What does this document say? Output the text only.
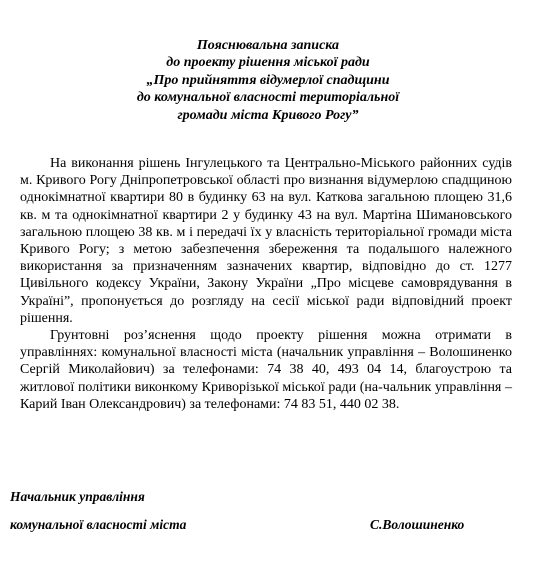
Пояснювальна записка
до проекту рішення міської ради
„Про прийняття відумерлої спадщини
до комунальної власності територіальної
громади міста Кривого Рогу”

На виконання рішень Інгулецького та Центрально-Міського районних судів м. Кривого Рогу Дніпропетровської області про визнання відумерлою спадщиною однокімнатної квартири 80 в будинку 63 на вул. Каткова загальною площею 31,6 кв. м та однокімнатної квартири 2 у будинку 43 на вул. Мартіна Шимановського загальною площею 38 кв. м і передачі їх у власність територіальної громади міста Кривого Рогу; з метою забезпечення збереження та подальшого належного використання за призначенням зазначених квартир, відповідно до ст. 1277 Цивільного кодексу України, Закону України „Про місцеве самоврядування в Україні”, пропонується до розгляду на сесії міської ради відповідний проект рішення.

Грунтовні роз’яснення щодо проекту рішення можна отримати в управліннях: комунальної власності міста (начальник управління – Волошиненко Сергій Миколайович) за телефонами: 74 38 40, 493 04 14, благоустрою та житлової політики виконкому Криворізької міської ради (на-чальник управління – Карий Іван Олександрович) за телефонами: 74 83 51, 440 02 38.

Начальник управління
комунальної власності міста	С.Волошиненко
